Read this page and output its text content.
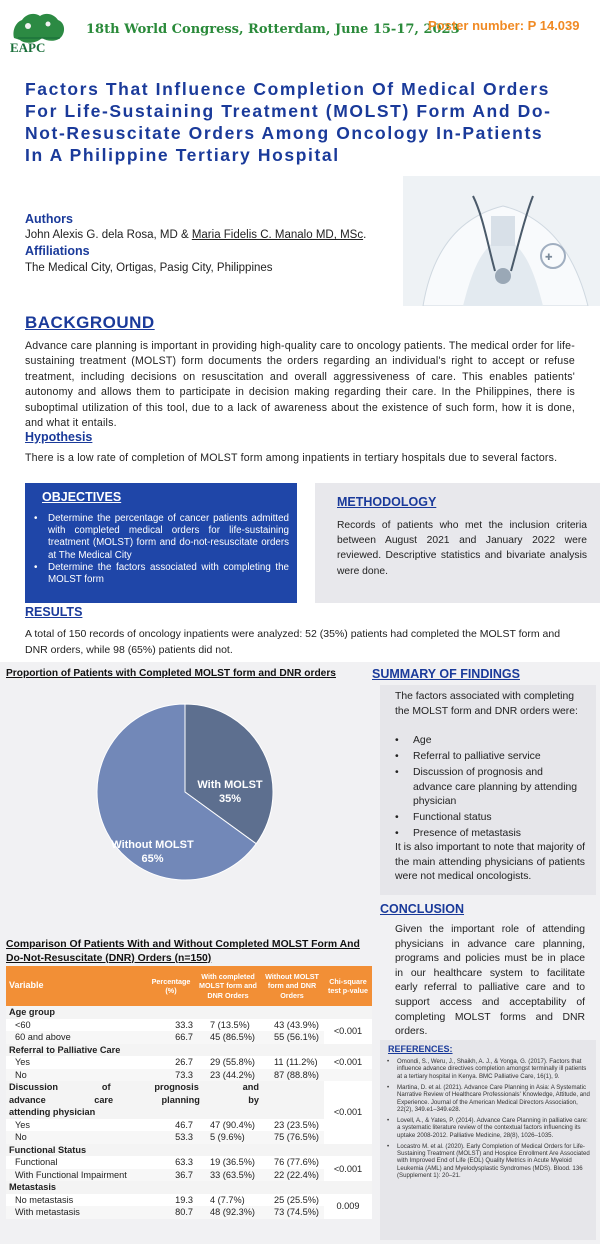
EAPC
18th World Congress, Rotterdam, June 15-17, 2023
Poster number: P 14.039
Factors That Influence Completion Of Medical Orders For Life-Sustaining Treatment (MOLST) Form And Do-Not-Resuscitate Orders Among Oncology In-Patients In A Philippine Tertiary Hospital
✚
Authors
John Alexis G. dela Rosa, MD & Maria Fidelis C. Manalo MD, MSc.
Affiliations
The Medical City, Ortigas, Pasig City, Philippines
BACKGROUND
Advance care planning is important in providing high-quality care to oncology patients. The medical order for life-sustaining treatment (MOLST) form documents the orders regarding an individual's right to accept or refuse treatment, including decisions on resuscitation and overall aggressiveness of care. This enables patients' autonomy and allows them to participate in decision making regarding their care. In the Philippines, there is suboptimal utilization of this tool, due to a lack of awareness about the existence of such form, how it is done, and what it entails.
Hypothesis
There is a low rate of completion of MOLST form among inpatients in tertiary hospitals due to several factors.
OBJECTIVES
• Determine the percentage of cancer patients admitted with completed medical orders for life-sustaining treatment (MOLST) form and do-not-resuscitate orders at The Medical City
• Determine the factors associated with completing the MOLST form
METHODOLOGY
Records of patients who met the inclusion criteria between August 2021 and January 2022 were reviewed. Descriptive statistics and bivariate analysis were done.
RESULTS
A total of 150 records of oncology inpatients were analyzed: 52 (35%) patients had completed the MOLST form and DNR orders, while 98 (65%) patients did not.
Proportion of Patients with Completed MOLST form and DNR orders
With MOLST
35%
Without MOLST
65%
SUMMARY OF FINDINGS
The factors associated with completing the MOLST form and DNR orders were:
• Age
• Referral to palliative service
• Discussion of prognosis and advance care planning by attending physician
• Functional status
• Presence of metastasis
It is also important to note that majority of the main attending physicians of patients were not medical oncologists.
CONCLUSION
Given the important role of attending physicians in advance care planning, programs and policies must be in place in our healthcare system to facilitate early referral to palliative care and to support access and acceptability of completing MOLST forms and DNR orders.
REFERENCES:
• Omondi, S., Weru, J., Shaikh, A. J., & Yonga, G. (2017). Factors that influence advance directives completion amongst terminally ill patients at a tertiary hospital in Kenya. BMC Palliative Care, 16(1), 9.
• Martina, D. et al. (2021). Advance Care Planning in Asia: A Systematic Narrative Review of Healthcare Professionals' Knowledge, Attitude, and Experience. Journal of the American Medical Directors Association, 22(2), 349.e1–349.e28.
• Lovell, A., & Yates, P. (2014). Advance Care Planning in palliative care: a systematic literature review of the contextual factors influencing its uptake 2008-2012. Palliative Medicine, 28(8), 1026–1035.
• Locastro M. et al. (2020). Early Completion of Medical Orders for Life-Sustaining Treatment (MOLST) and Hospice Enrollment Are Associated with Improved End of Life (EOL) Quality Metrics in Acute Myeloid Leukemia (AML) and Myelodysplastic Syndromes (MDS). Blood. 136 (Supplement 1): 20–21.
Comparison Of Patients With and Without Completed MOLST Form And Do-Not-Resuscitate (DNR) Orders (n=150)
Variable	Percentage (%)	With completed MOLST form and DNR Orders	Without MOLST form and DNR Orders	Chi-square test p-value
Age group				
<60	33.3	7 (13.5%)	43 (43.9%)	<0.001
60 and above	66.7	45 (86.5%)	55 (56.1%)	
Referral to Palliative Care				
Yes	26.7	29 (55.8%)	11 (11.2%)	<0.001
No	73.3	23 (44.2%)	87 (88.8%)	

Discussion of prognosis and
advance care planning by
attending physician				<0.001
Yes	46.7	47 (90.4%)	23 (23.5%)	
No	53.3	5 (9.6%)	75 (76.5%)	
Functional Status				
Functional	63.3	19 (36.5%)	76 (77.6%)	<0.001
With Functional Impairment	36.7	33 (63.5%)	22 (22.4%)	
Metastasis				
No metastasis	19.3	4 (7.7%)	25 (25.5%)	0.009
With metastasis	80.7	48 (92.3%)	73 (74.5%)	
